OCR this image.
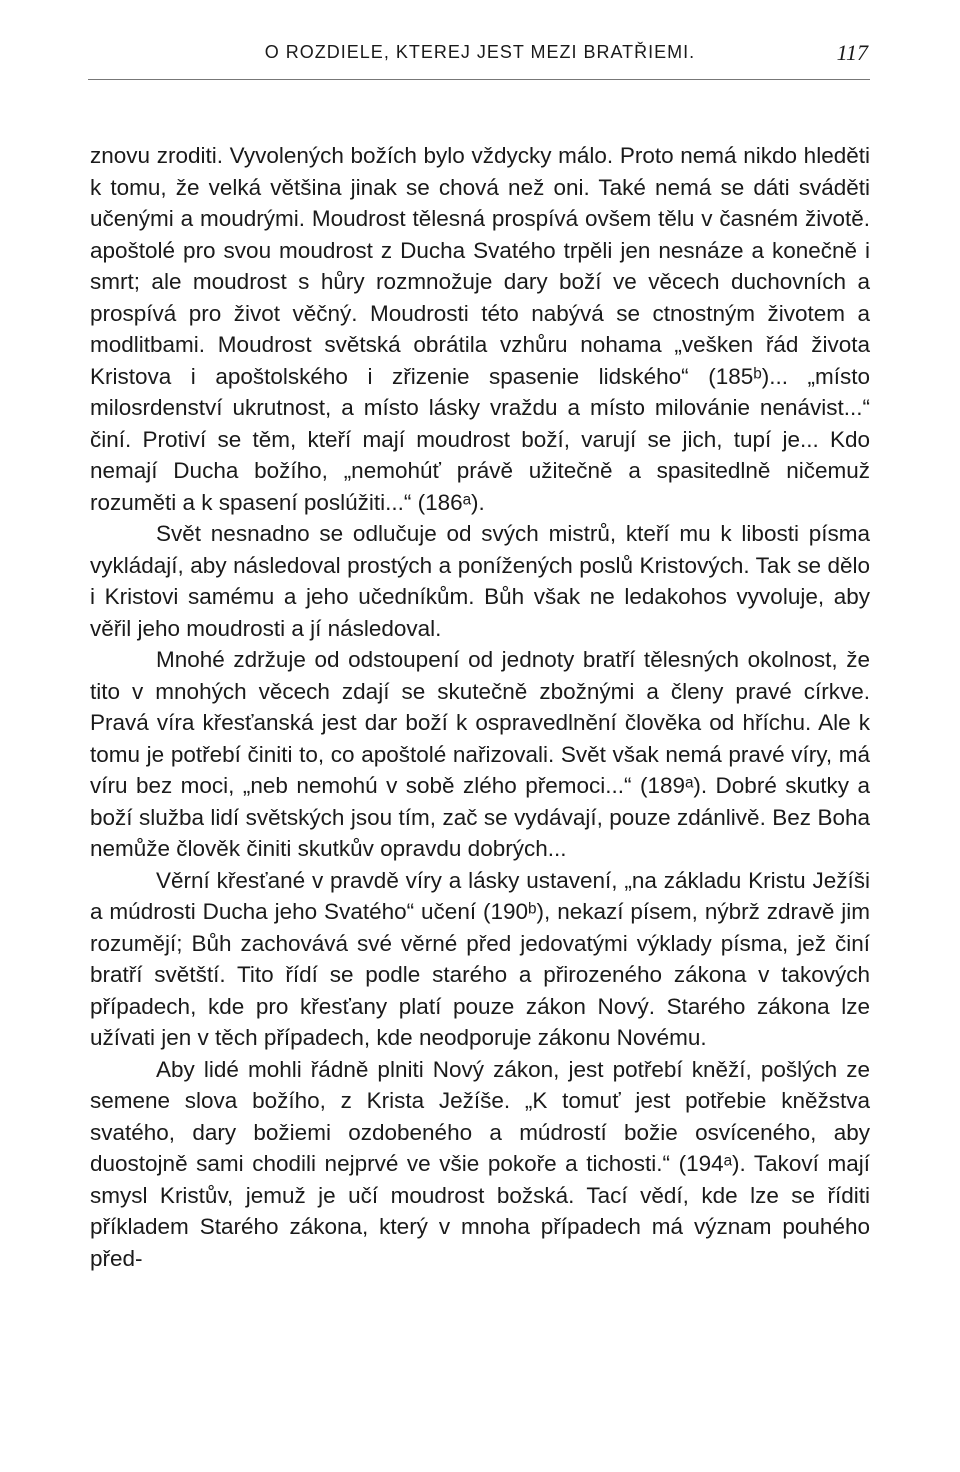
O ROZDIELE, KTEREJ JEST MEZI BRATŘIEMI.	117

znovu zroditi. Vyvolených božích bylo vždycky málo. Proto nemá nikdo hleděti k tomu, že velká většina jinak se chová než oni. Také nemá se dáti sváděti učenými a moudrými. Moudrost tělesná prospívá ovšem tělu v časném životě. apoštolé pro svou moudrost z Ducha Svatého trpěli jen nesnáze a konečně i smrt; ale moudrost s hůry rozmnožuje dary boží ve věcech duchovních a prospívá pro život věčný. Moudrosti této nabývá se ctnostným životem a modlitbami. Moudrost světská obrátila vzhůru nohama „vešken řád života Kristova i apoštolského i zřizenie spasenie lidského“ (185ᵇ)... „místo milosrdenství ukrutnost, a místo lásky vraždu a místo milovánie nenávist...“ činí. Protiví se těm, kteří mají moudrost boží, varují se jich, tupí je... Kdo nemají Ducha božího, „nemohúť právě užitečně a spasitedlně ničemuž rozuměti a k spasení poslúžiti...“ (186ᵃ).

Svět nesnadno se odlučuje od svých mistrů, kteří mu k libosti písma vykládají, aby následoval prostých a ponížených poslů Kristových. Tak se dělo i Kristovi samému a jeho učedníkům. Bůh však ne ledakohos vyvoluje, aby věřil jeho moudrosti a jí následoval.

Mnohé zdržuje od odstoupení od jednoty bratří tělesných okolnost, že tito v mnohých věcech zdají se skutečně zbožnými a členy pravé církve. Pravá víra křesťanská jest dar boží k ospravedlnění člověka od hříchu. Ale k tomu je potřebí činiti to, co apoštolé nařizovali. Svět však nemá pravé víry, má víru bez moci, „neb nemohú v sobě zlého přemoci...“ (189ᵃ). Dobré skutky a boží služba lidí světských jsou tím, zač se vydávají, pouze zdánlivě. Bez Boha nemůže člověk činiti skutkův opravdu dobrých...

Věrní křesťané v pravdě víry a lásky ustavení, „na základu Kristu Ježíši a múdrosti Ducha jeho Svatého“ učení (190ᵇ), nekazí písem, nýbrž zdravě jim rozumějí; Bůh zachovává své věrné před jedovatými výklady písma, jež činí bratří světští. Tito řídí se podle starého a přirozeného zákona v takových případech, kde pro křesťany platí pouze zákon Nový. Starého zákona lze užívati jen v těch případech, kde neodporuje zákonu Novému.

Aby lidé mohli řádně plniti Nový zákon, jest potřebí kněží, pošlých ze semene slova božího, z Krista Ježíše. „K tomuť jest potřebie kněžstva svatého, dary božiemi ozdobeného a múdrostí božie osvíceného, aby duostojně sami chodili nejprvé ve všie pokoře a tichosti.“ (194ᵃ). Takoví mají smysl Kristův, jemuž je učí moudrost božská. Tací vědí, kde lze se říditi příkladem Starého zákona, který v mnoha případech má význam pouhého před-
